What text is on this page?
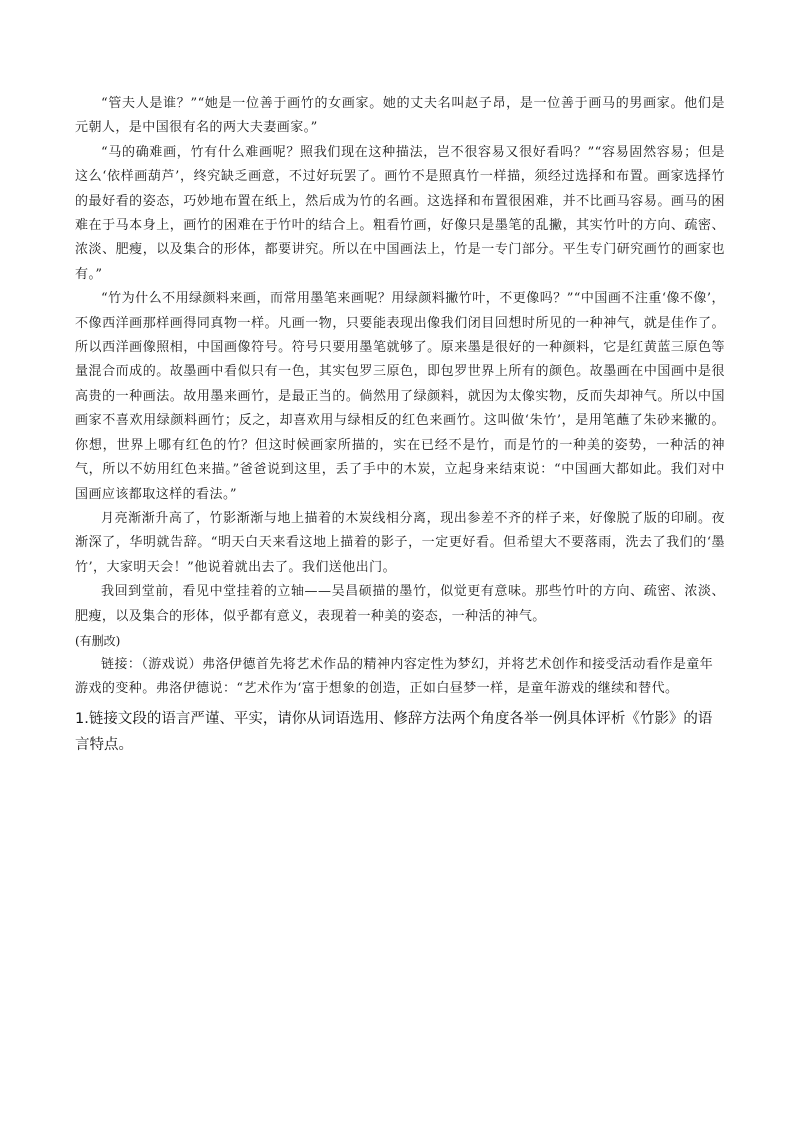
“管夫人是谁？”“她是一位善于画竹的女画家。她的丈夫名叫赵子昂，是一位善于画马的男画家。他们是元朝人，是中国很有名的两大夫妻画家。”

“马的确难画，竹有什么难画呢？照我们现在这种描法，岂不很容易又很好看吗？”“容易固然容易；但是这么‘依样画葫芦’，终究缺乏画意，不过好玩罢了。画竹不是照真竹一样描，须经过选择和布置。画家选择竹的最好看的姿态，巧妙地布置在纸上，然后成为竹的名画。这选择和布置很困难，并不比画马容易。画马的困难在于马本身上，画竹的困难在于竹叶的结合上。粗看竹画，好像只是墨笔的乱撇，其实竹叶的方向、疏密、浓淡、肥瘦，以及集合的形体，都要讲究。所以在中国画法上，竹是一专门部分。平生专门研究画竹的画家也有。”

“竹为什么不用绿颜料来画，而常用墨笔来画呢？用绿颜料撇竹叶，不更像吗？”“中国画不注重‘像不像’，不像西洋画那样画得同真物一样。凡画一物，只要能表现出像我们闭目回想时所见的一种神气，就是佳作了。所以西洋画像照相，中国画像符号。符号只要用墨笔就够了。原来墨是很好的一种颜料，它是红黄蓝三原色等量混合而成的。故墨画中看似只有一色，其实包罗三原色，即包罗世界上所有的颜色。故墨画在中国画中是很高贵的一种画法。故用墨来画竹，是最正当的。倘然用了绿颜料，就因为太像实物，反而失却神气。所以中国画家不喜欢用绿颜料画竹；反之，却喜欢用与绿相反的红色来画竹。这叫做‘朱竹’，是用笔蘸了朱砂来撇的。你想，世界上哪有红色的竹？但这时候画家所描的，实在已经不是竹，而是竹的一种美的姿势，一种活的神气，所以不妨用红色来描。”爸爸说到这里，丢了手中的木炭，立起身来结束说：“中国画大都如此。我们对中国画应该都取这样的看法。”

月亮渐渐升高了，竹影渐渐与地上描着的木炭线相分离，现出参差不齐的样子来，好像脱了版的印刷。夜渐深了，华明就告辞。“明天白天来看这地上描着的影子，一定更好看。但希望大不要落雨，洗去了我们的‘墨竹’，大家明天会！”他说着就出去了。我们送他出门。

我回到堂前，看见中堂挂着的立轴——吴昌硕描的墨竹，似觉更有意味。那些竹叶的方向、疏密、浓淡、肥瘦，以及集合的形体，似乎都有意义，表现着一种美的姿态，一种活的神气。

(有删改)

链接：（游戏说）弗洛伊德首先将艺术作品的精神内容定性为梦幻，并将艺术创作和接受活动看作是童年游戏的变种。弗洛伊德说：“艺术作为‘富于想象的创造，正如白昼梦一样，是童年游戏的继续和替代。

1.链接文段的语言严谨、平实，请你从词语选用、修辞方法两个角度各举一例具体评析《竹影》的语言特点。
